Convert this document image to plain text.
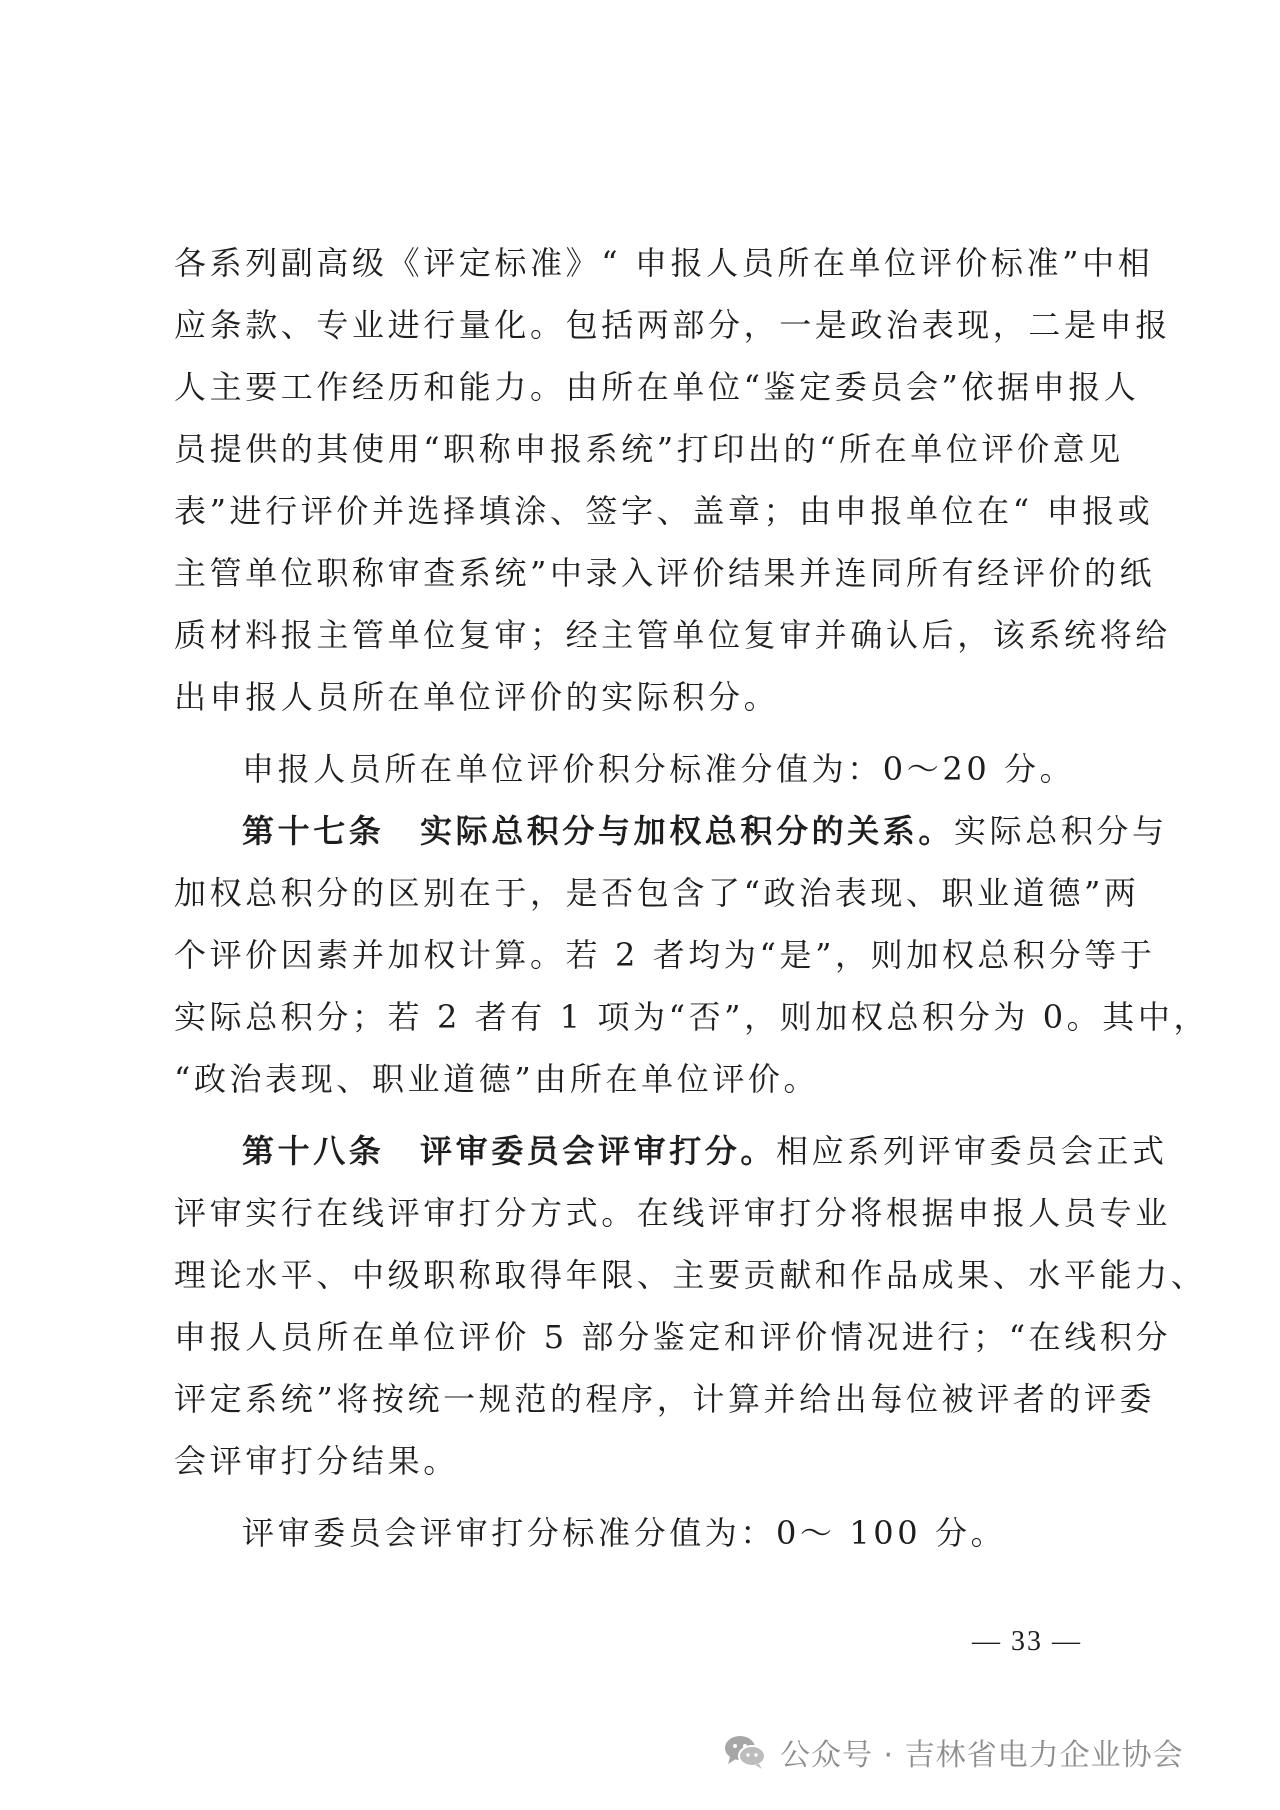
各系列副高级《评定标准》“ 申报人员所在单位评价标准”中相
应条款、专业进行量化。包括两部分，一是政治表现，二是申报
人主要工作经历和能力。由所在单位“鉴定委员会”依据申报人
员提供的其使用“职称申报系统”打印出的“所在单位评价意见
表”进行评价并选择填涂、签字、盖章；由申报单位在“ 申报或
主管单位职称审查系统”中录入评价结果并连同所有经评价的纸
质材料报主管单位复审；经主管单位复审并确认后，该系统将给
出申报人员所在单位评价的实际积分。
申报人员所在单位评价积分标准分值为：0～20 分。
第十七条　实际总积分与加权总积分的关系。实际总积分与
加权总积分的区别在于，是否包含了“政治表现、职业道德”两
个评价因素并加权计算。若 2 者均为“是”，则加权总积分等于
实际总积分；若 2 者有 1 项为“否”，则加权总积分为 0。其中，
“政治表现、职业道德”由所在单位评价。
第十八条　评审委员会评审打分。相应系列评审委员会正式
评审实行在线评审打分方式。在线评审打分将根据申报人员专业
理论水平、中级职称取得年限、主要贡献和作品成果、水平能力、
申报人员所在单位评价 5 部分鉴定和评价情况进行；“在线积分
评定系统”将按统一规范的程序，计算并给出每位被评者的评委
会评审打分结果。
评审委员会评审打分标准分值为：0～ 100 分。
— 33 —
公众号 · 吉林省电力企业协会
